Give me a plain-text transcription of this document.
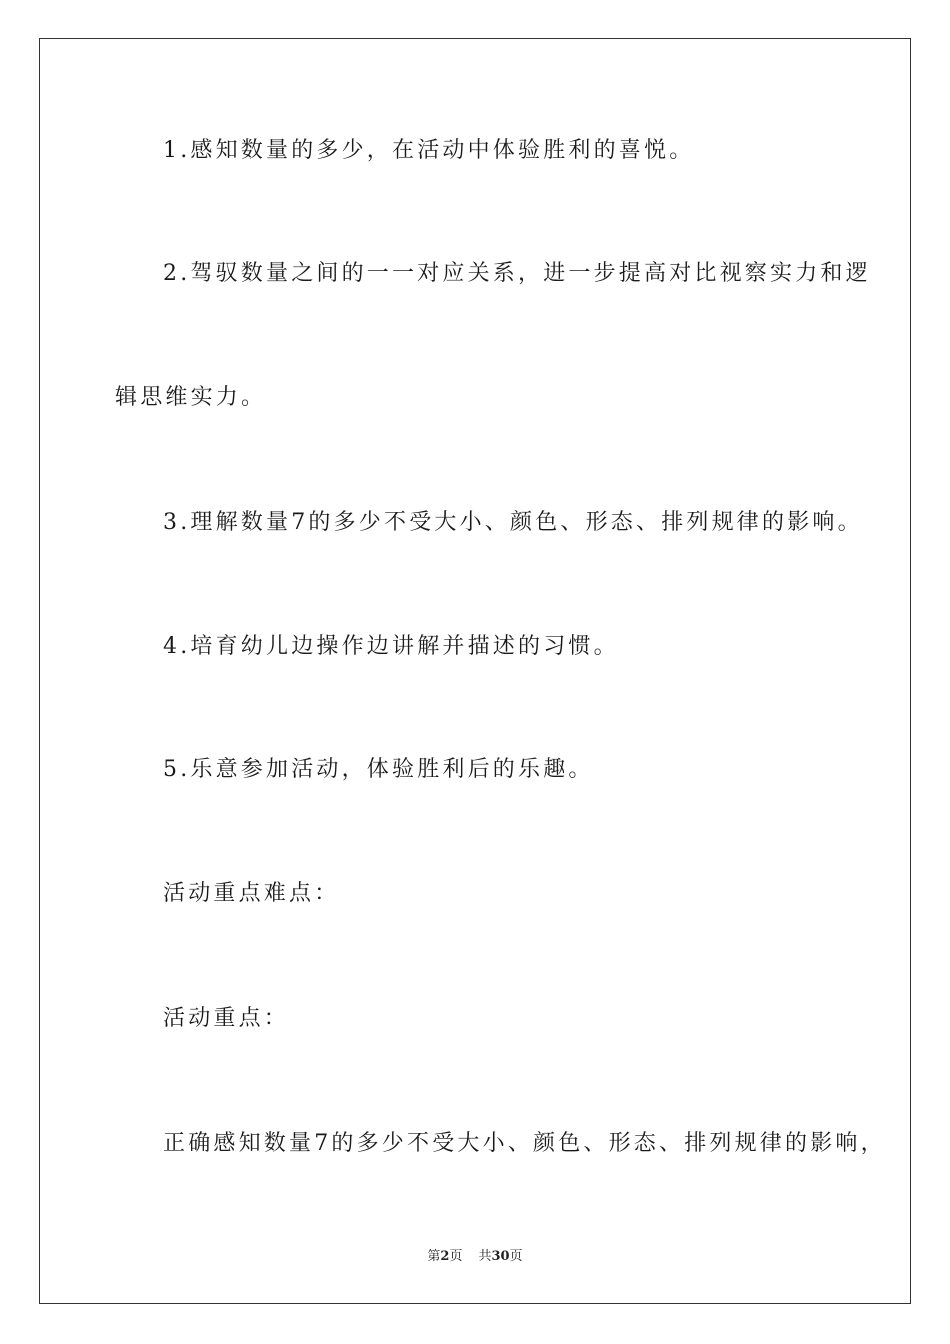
1.感知数量的多少，在活动中体验胜利的喜悦。
2.驾驭数量之间的一一对应关系，进一步提高对比视察实力和逻
辑思维实力。
3.理解数量7的多少不受大小、颜色、形态、排列规律的影响。
4.培育幼儿边操作边讲解并描述的习惯。
5.乐意参加活动，体验胜利后的乐趣。
活动重点难点：
活动重点：
正确感知数量7的多少不受大小、颜色、形态、排列规律的影响，
第2页 共30页
